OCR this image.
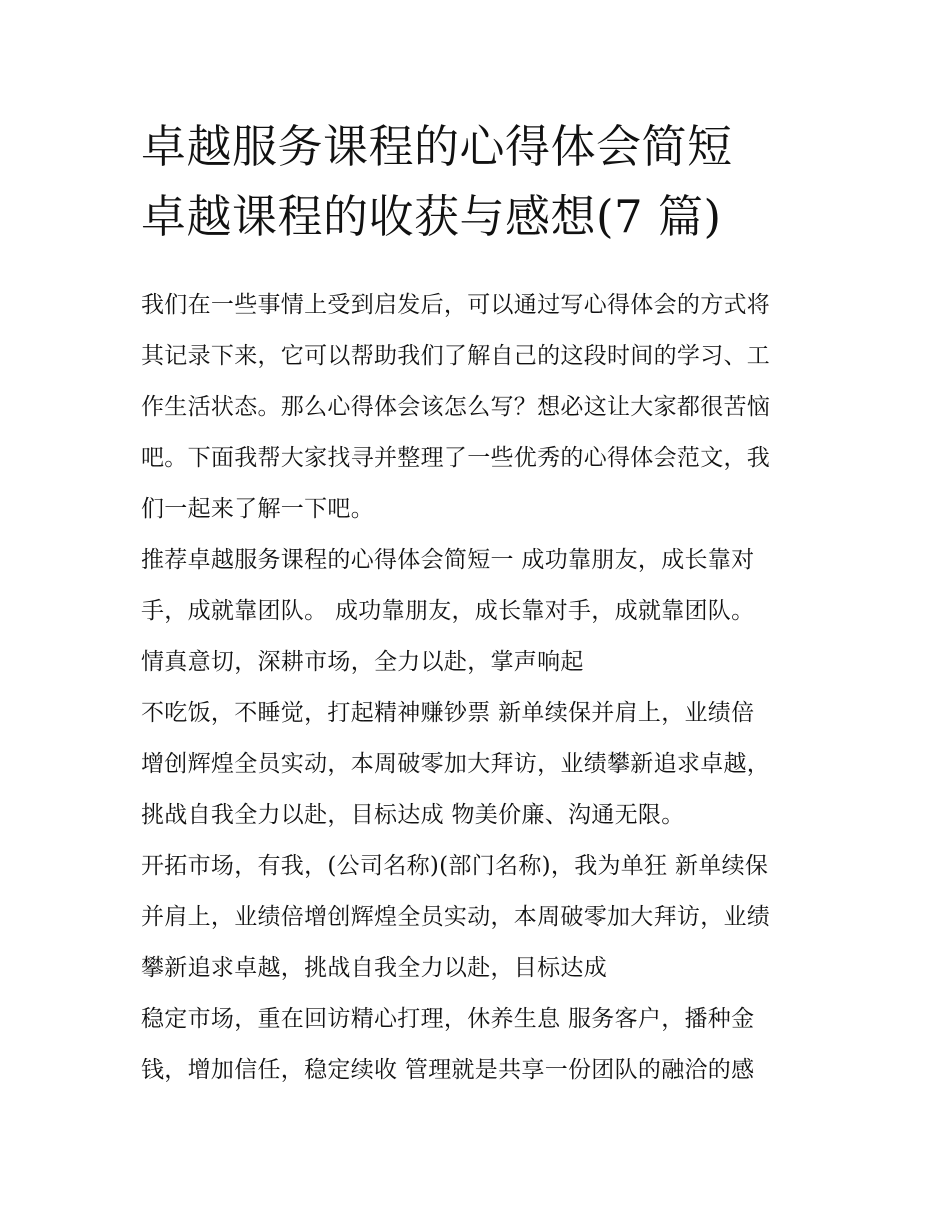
卓越服务课程的心得体会简短
卓越课程的收获与感想(7 篇)

我们在一些事情上受到启发后，可以通过写心得体会的方式将
其记录下来，它可以帮助我们了解自己的这段时间的学习、工
作生活状态。那么心得体会该怎么写？想必这让大家都很苦恼
吧。下面我帮大家找寻并整理了一些优秀的心得体会范文，我
们一起来了解一下吧。

推荐卓越服务课程的心得体会简短一 成功靠朋友，成长靠对
手，成就靠团队。 成功靠朋友，成长靠对手，成就靠团队。

情真意切，深耕市场，全力以赴，掌声响起

不吃饭，不睡觉，打起精神赚钞票 新单续保并肩上，业绩倍
增创辉煌全员实动，本周破零加大拜访，业绩攀新追求卓越，
挑战自我全力以赴，目标达成 物美价廉、沟通无限。

开拓市场，有我，(公司名称)(部门名称)，我为单狂 新单续保
并肩上，业绩倍增创辉煌全员实动，本周破零加大拜访，业绩
攀新追求卓越，挑战自我全力以赴，目标达成

稳定市场，重在回访精心打理，休养生息 服务客户，播种金
钱，增加信任，稳定续收 管理就是共享一份团队的融洽的感
